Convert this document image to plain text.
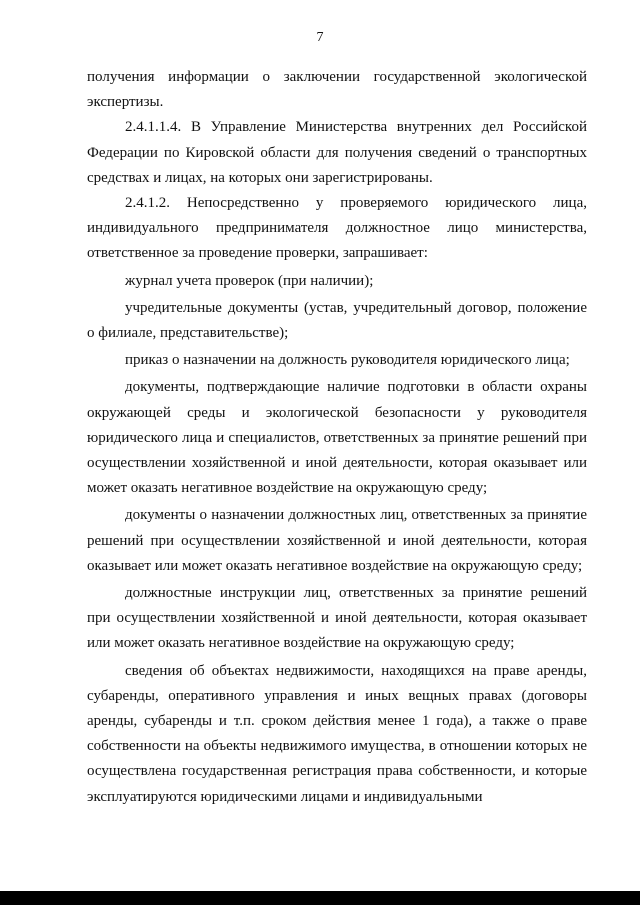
7

получения информации о заключении государственной экологической экспертизы.

2.4.1.1.4. В Управление Министерства внутренних дел Российской Федерации по Кировской области для получения сведений о транспортных средствах и лицах, на которых они зарегистрированы.

2.4.1.2. Непосредственно у проверяемого юридического лица, индивидуального предпринимателя должностное лицо министерства, ответственное за проведение проверки, запрашивает:

журнал учета проверок (при наличии);

учредительные документы (устав, учредительный договор, положение о филиале, представительстве);

приказ о назначении на должность руководителя юридического лица;

документы, подтверждающие наличие подготовки в области охраны окружающей среды и экологической безопасности у руководителя юридического лица и специалистов, ответственных за принятие решений при осуществлении хозяйственной и иной деятельности, которая оказывает или может оказать негативное воздействие на окружающую среду;

документы о назначении должностных лиц, ответственных за принятие решений при осуществлении хозяйственной и иной деятельности, которая оказывает или может оказать негативное воздействие на окружающую среду;

должностные инструкции лиц, ответственных за принятие решений при осуществлении хозяйственной и иной деятельности, которая оказывает или может оказать негативное воздействие на окружающую среду;

сведения об объектах недвижимости, находящихся на праве аренды, субаренды, оперативного управления и иных вещных правах (договоры аренды, субаренды и т.п. сроком действия менее 1 года), а также о праве собственности на объекты недвижимого имущества, в отношении которых не осуществлена государственная регистрация права собственности, и которые эксплуатируются юридическими лицами и индивидуальными
